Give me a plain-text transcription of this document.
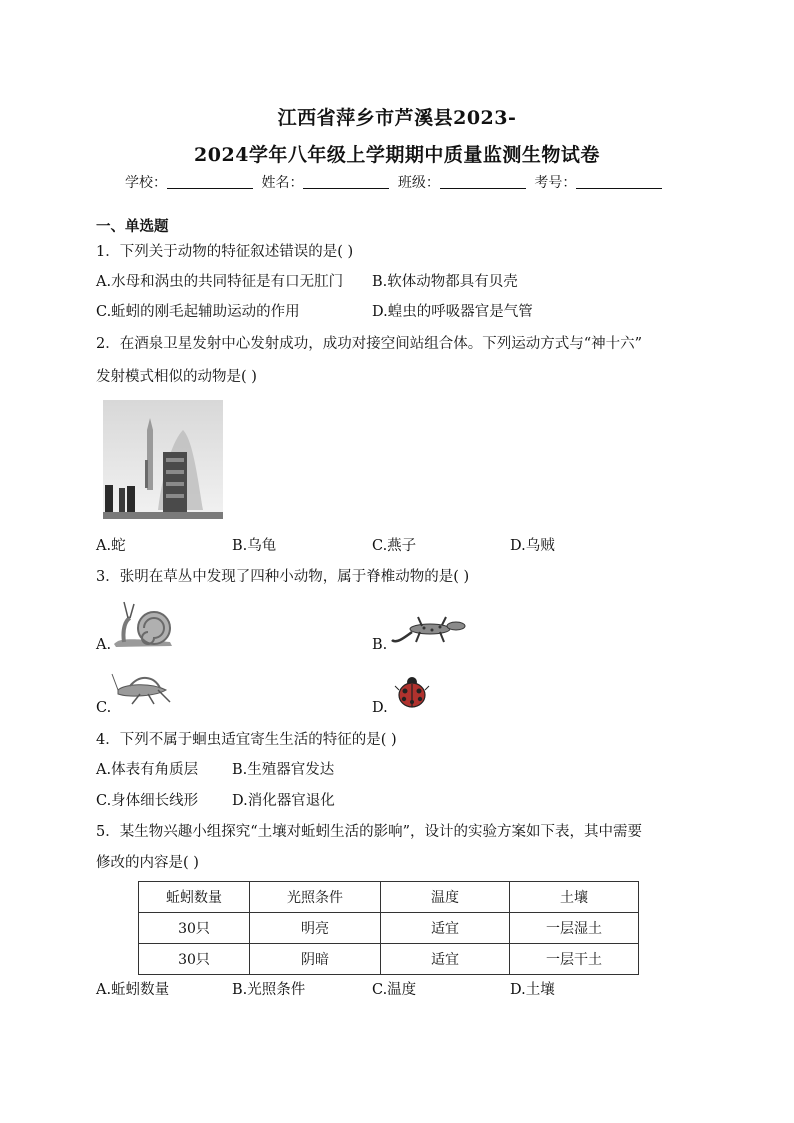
江西省萍乡市芦溪县2023-
2024学年八年级上学期期中质量监测生物试卷
学校：	姓名：	班级：	考号：
一、单选题
1．下列关于动物的特征叙述错误的是( )
A.水母和涡虫的共同特征是有口无肛门 B.软体动物都具有贝壳
C.蚯蚓的刚毛起辅助运动的作用	D.蝗虫的呼吸器官是气管
2．在酒泉卫星发射中心发射成功，成功对接空间站组合体。下列运动方式与“神十六”
发射模式相似的动物是( )
A.蛇	B.乌龟	C.燕子	D.乌贼
3．张明在草丛中发现了四种小动物，属于脊椎动物的是( )
A.	B.
C.	D.
4．下列不属于蛔虫适宜寄生生活的特征的是( )
A.体表有角质层 B.生殖器官发达
C.身体细长线形 D.消化器官退化
5．某生物兴趣小组探究“土壤对蚯蚓生活的影响”，设计的实验方案如下表，其中需要
修改的内容是( )
蚯蚓数量	光照条件	温度	土壤
30只	明亮	适宜	一层湿土
30只	阴暗	适宜	一层干土
A.蚯蚓数量	B.光照条件	C.温度	D.土壤
